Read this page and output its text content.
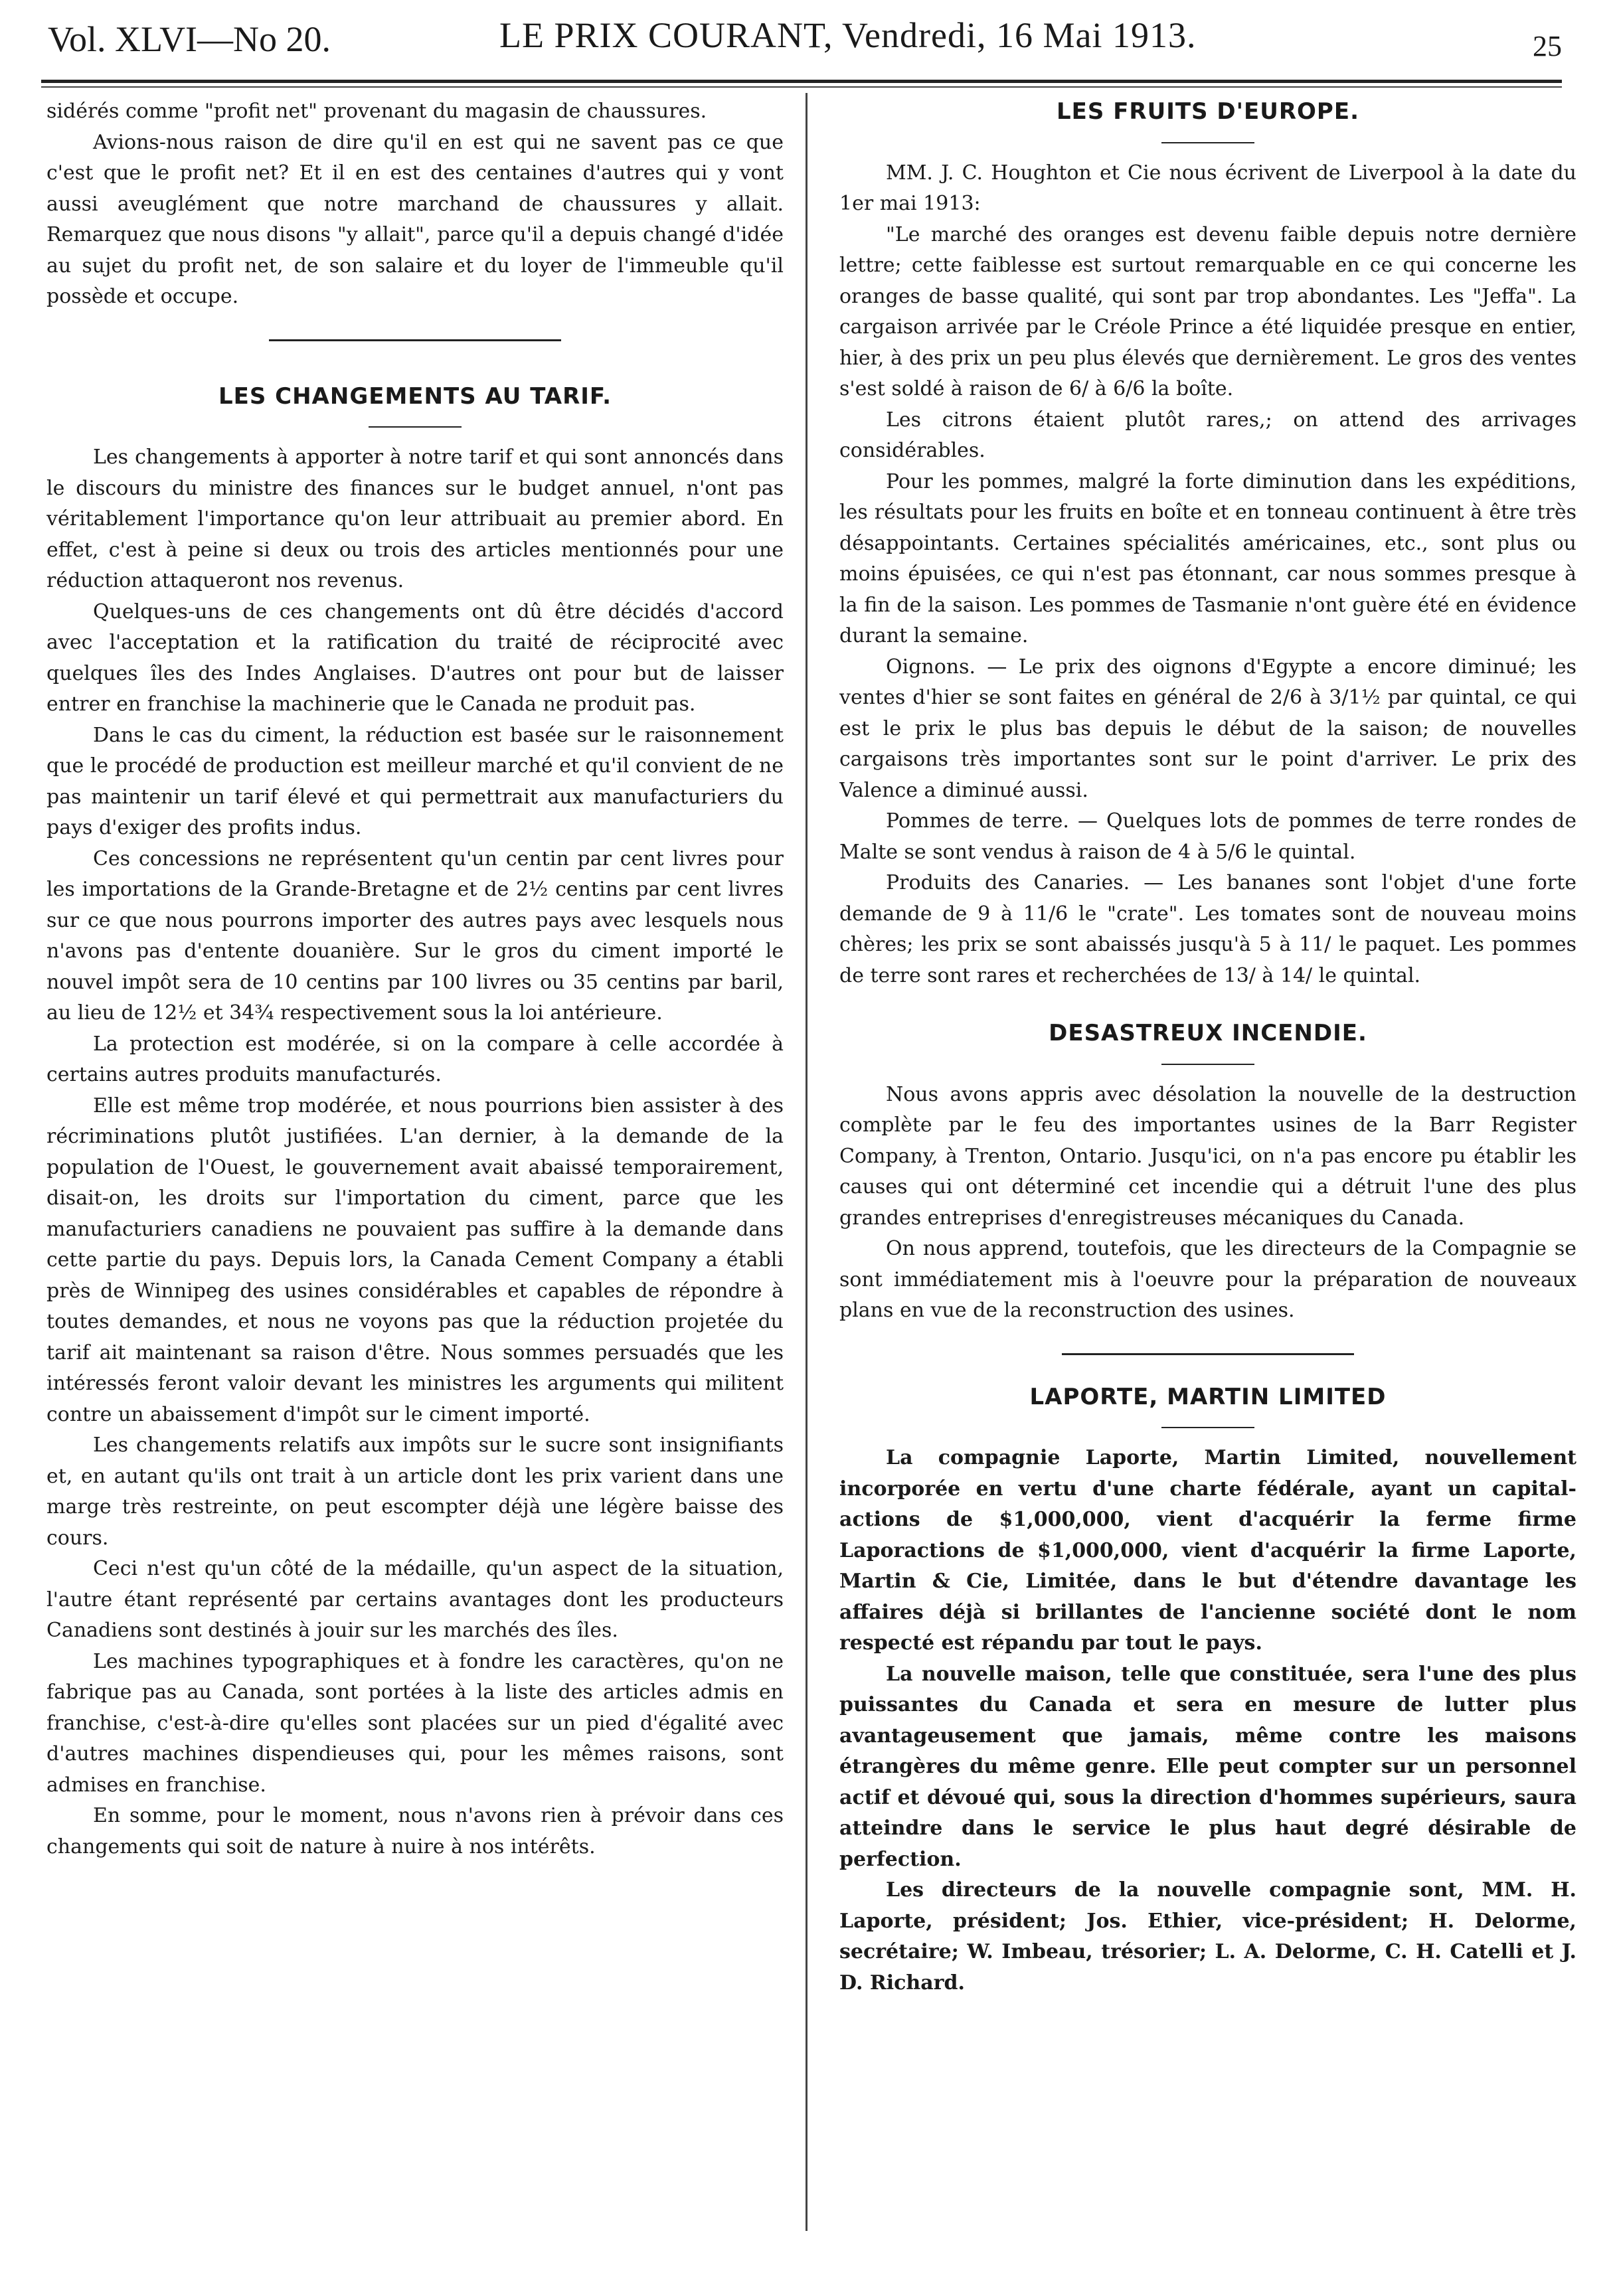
Vol. XLVI—No 20.	LE PRIX COURANT, Vendredi, 16 Mai 1913.	25

sidérés comme "profit net" provenant du magasin de chaussures.

Avions-nous raison de dire qu'il en est qui ne savent pas ce que c'est que le profit net? Et il en est des centaines d'autres qui y vont aussi aveuglément que notre marchand de chaussures y allait. Remarquez que nous disons "y allait", parce qu'il a depuis changé d'idée au sujet du profit net, de son salaire et du loyer de l'immeuble qu'il possède et occupe.

LES CHANGEMENTS AU TARIF.

Les changements à apporter à notre tarif et qui sont annoncés dans le discours du ministre des finances sur le budget annuel, n'ont pas véritablement l'importance qu'on leur attribuait au premier abord. En effet, c'est à peine si deux ou trois des articles mentionnés pour une réduction attaqueront nos revenus.

Quelques-uns de ces changements ont dû être décidés d'accord avec l'acceptation et la ratification du traité de réciprocité avec quelques îles des Indes Anglaises. D'autres ont pour but de laisser entrer en franchise la machinerie que le Canada ne produit pas.

Dans le cas du ciment, la réduction est basée sur le raisonnement que le procédé de production est meilleur marché et qu'il convient de ne pas maintenir un tarif élevé et qui permettrait aux manufacturiers du pays d'exiger des profits indus.

Ces concessions ne représentent qu'un centin par cent livres pour les importations de la Grande-Bretagne et de 2½ centins par cent livres sur ce que nous pourrons importer des autres pays avec lesquels nous n'avons pas d'entente douanière. Sur le gros du ciment importé le nouvel impôt sera de 10 centins par 100 livres ou 35 centins par baril, au lieu de 12½ et 34¾ respectivement sous la loi antérieure.

La protection est modérée, si on la compare à celle accordée à certains autres produits manufacturés.

Elle est même trop modérée, et nous pourrions bien assister à des récriminations plutôt justifiées. L'an dernier, à la demande de la population de l'Ouest, le gouvernement avait abaissé temporairement, disait-on, les droits sur l'importation du ciment, parce que les manufacturiers canadiens ne pouvaient pas suffire à la demande dans cette partie du pays. Depuis lors, la Canada Cement Company a établi près de Winnipeg des usines considérables et capables de répondre à toutes demandes, et nous ne voyons pas que la réduction projetée du tarif ait maintenant sa raison d'être. Nous sommes persuadés que les intéressés feront valoir devant les ministres les arguments qui militent contre un abaissement d'impôt sur le ciment importé.

Les changements relatifs aux impôts sur le sucre sont insignifiants et, en autant qu'ils ont trait à un article dont les prix varient dans une marge très restreinte, on peut escompter déjà une légère baisse des cours.

Ceci n'est qu'un côté de la médaille, qu'un aspect de la situation, l'autre étant représenté par certains avantages dont les producteurs Canadiens sont destinés à jouir sur les marchés des îles.

Les machines typographiques et à fondre les caractères, qu'on ne fabrique pas au Canada, sont portées à la liste des articles admis en franchise, c'est-à-dire qu'elles sont placées sur un pied d'égalité avec d'autres machines dispendieuses qui, pour les mêmes raisons, sont admises en franchise.

En somme, pour le moment, nous n'avons rien à prévoir dans ces changements qui soit de nature à nuire à nos intérêts.

LES FRUITS D'EUROPE.

MM. J. C. Houghton et Cie nous écrivent de Liverpool à la date du 1er mai 1913:

"Le marché des oranges est devenu faible depuis notre dernière lettre; cette faiblesse est surtout remarquable en ce qui concerne les oranges de basse qualité, qui sont par trop abondantes. Les "Jeffa". La cargaison arrivée par le Créole Prince a été liquidée presque en entier, hier, à des prix un peu plus élevés que dernièrement. Le gros des ventes s'est soldé à raison de 6/ à 6/6 la boîte.

Les citrons étaient plutôt rares,; on attend des arrivages considérables.

Pour les pommes, malgré la forte diminution dans les expéditions, les résultats pour les fruits en boîte et en tonneau continuent à être très désappointants. Certaines spécialités américaines, etc., sont plus ou moins épuisées, ce qui n'est pas étonnant, car nous sommes presque à la fin de la saison. Les pommes de Tasmanie n'ont guère été en évidence durant la semaine.

Oignons. — Le prix des oignons d'Egypte a encore diminué; les ventes d'hier se sont faites en général de 2/6 à 3/1½ par quintal, ce qui est le prix le plus bas depuis le début de la saison; de nouvelles cargaisons très importantes sont sur le point d'arriver. Le prix des Valence a diminué aussi.

Pommes de terre. — Quelques lots de pommes de terre rondes de Malte se sont vendus à raison de 4 à 5/6 le quintal.

Produits des Canaries. — Les bananes sont l'objet d'une forte demande de 9 à 11/6 le "crate". Les tomates sont de nouveau moins chères; les prix se sont abaissés jusqu'à 5 à 11/ le paquet. Les pommes de terre sont rares et recherchées de 13/ à 14/ le quintal.

DESASTREUX INCENDIE.

Nous avons appris avec désolation la nouvelle de la destruction complète par le feu des importantes usines de la Barr Register Company, à Trenton, Ontario. Jusqu'ici, on n'a pas encore pu établir les causes qui ont déterminé cet incendie qui a détruit l'une des plus grandes entreprises d'enregistreuses mécaniques du Canada.

On nous apprend, toutefois, que les directeurs de la Compagnie se sont immédiatement mis à l'oeuvre pour la préparation de nouveaux plans en vue de la reconstruction des usines.

LAPORTE, MARTIN LIMITED

La compagnie Laporte, Martin Limited, nouvellement incorporée en vertu d'une charte fédérale, ayant un capital-actions de $1,000,000, vient d'acquérir la ferme firme Laporactions de $1,000,000, vient d'acquérir la firme Laporte, Martin & Cie, Limitée, dans le but d'étendre davantage les affaires déjà si brillantes de l'ancienne société dont le nom respecté est répandu par tout le pays.

La nouvelle maison, telle que constituée, sera l'une des plus puissantes du Canada et sera en mesure de lutter plus avantageusement que jamais, même contre les maisons étrangères du même genre. Elle peut compter sur un personnel actif et dévoué qui, sous la direction d'hommes supérieurs, saura atteindre dans le service le plus haut degré désirable de perfection.

Les directeurs de la nouvelle compagnie sont, MM. H. Laporte, président; Jos. Ethier, vice-président; H. Delorme, secrétaire; W. Imbeau, trésorier; L. A. Delorme, C. H. Catelli et J. D. Richard.
